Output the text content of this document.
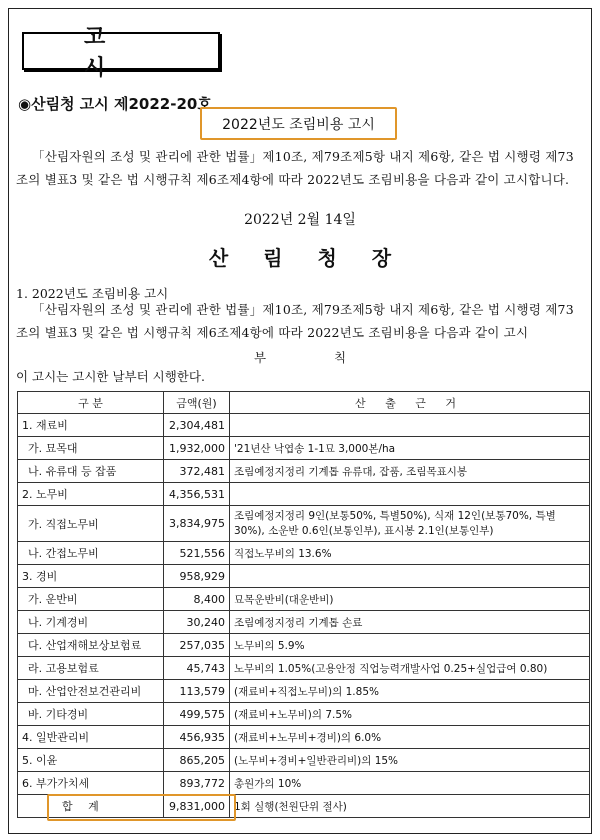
고 시
◉산림청 고시 제2022-20호
2022년도 조림비용 고시
「산림자원의 조성 및 관리에 관한 법률」제10조, 제79조제5항 내지 제6항, 같은 법 시행령 제73조의 별표3 및 같은 법 시행규칙 제6조제4항에 따라 2022년도 조림비용을 다음과 같이 고시합니다.
2022년 2월 14일
산 림 청 장
1. 2022년도 조림비용 고시
「산림자원의 조성 및 관리에 관한 법률」제10조, 제79조제5항 내지 제6항, 같은 법 시행령 제73조의 별표3 및 같은 법 시행규칙 제6조제4항에 따라 2022년도 조림비용을 다음과 같이 고시
부 칙
이 고시는 고시한 날부터 시행한다.
구 분	금액(원)	산 출 근 거
1. 재료비	2,304,481	
가. 묘목대	1,932,000	'21년산 낙엽송 1-1묘 3,000본/ha
나. 유류대 등 잡품	372,481	조림예정지정리 기계톱 유류대, 잡품, 조림목표시봉
2. 노무비	4,356,531	
가. 직접노무비	3,834,975	조림예정지정리 9인(보통50%, 특별50%), 식재 12인(보통70%, 특별30%), 소운반 0.6인(보통인부), 표시봉 2.1인(보통인부)
나. 간접노무비	521,556	직접노무비의 13.6%
3. 경비	958,929	
가. 운반비	8,400	묘목운반비(대운반비)
나. 기계경비	30,240	조림예정지정리 기계톱 손료
다. 산업재해보상보험료	257,035	노무비의 5.9%
라. 고용보험료	45,743	노무비의 1.05%(고용안정 직업능력개발사업 0.25+실업급여 0.80)
마. 산업안전보건관리비	113,579	(재료비+직접노무비)의 1.85%
바. 기타경비	499,575	(재료비+노무비)의 7.5%
4. 일반관리비	456,935	(재료비+노무비+경비)의 6.0%
5. 이윤	865,205	(노무비+경비+일반관리비)의 15%
6. 부가가치세	893,772	총원가의 10%
합 계	9,831,000	1회 실행(천원단위 절사)
